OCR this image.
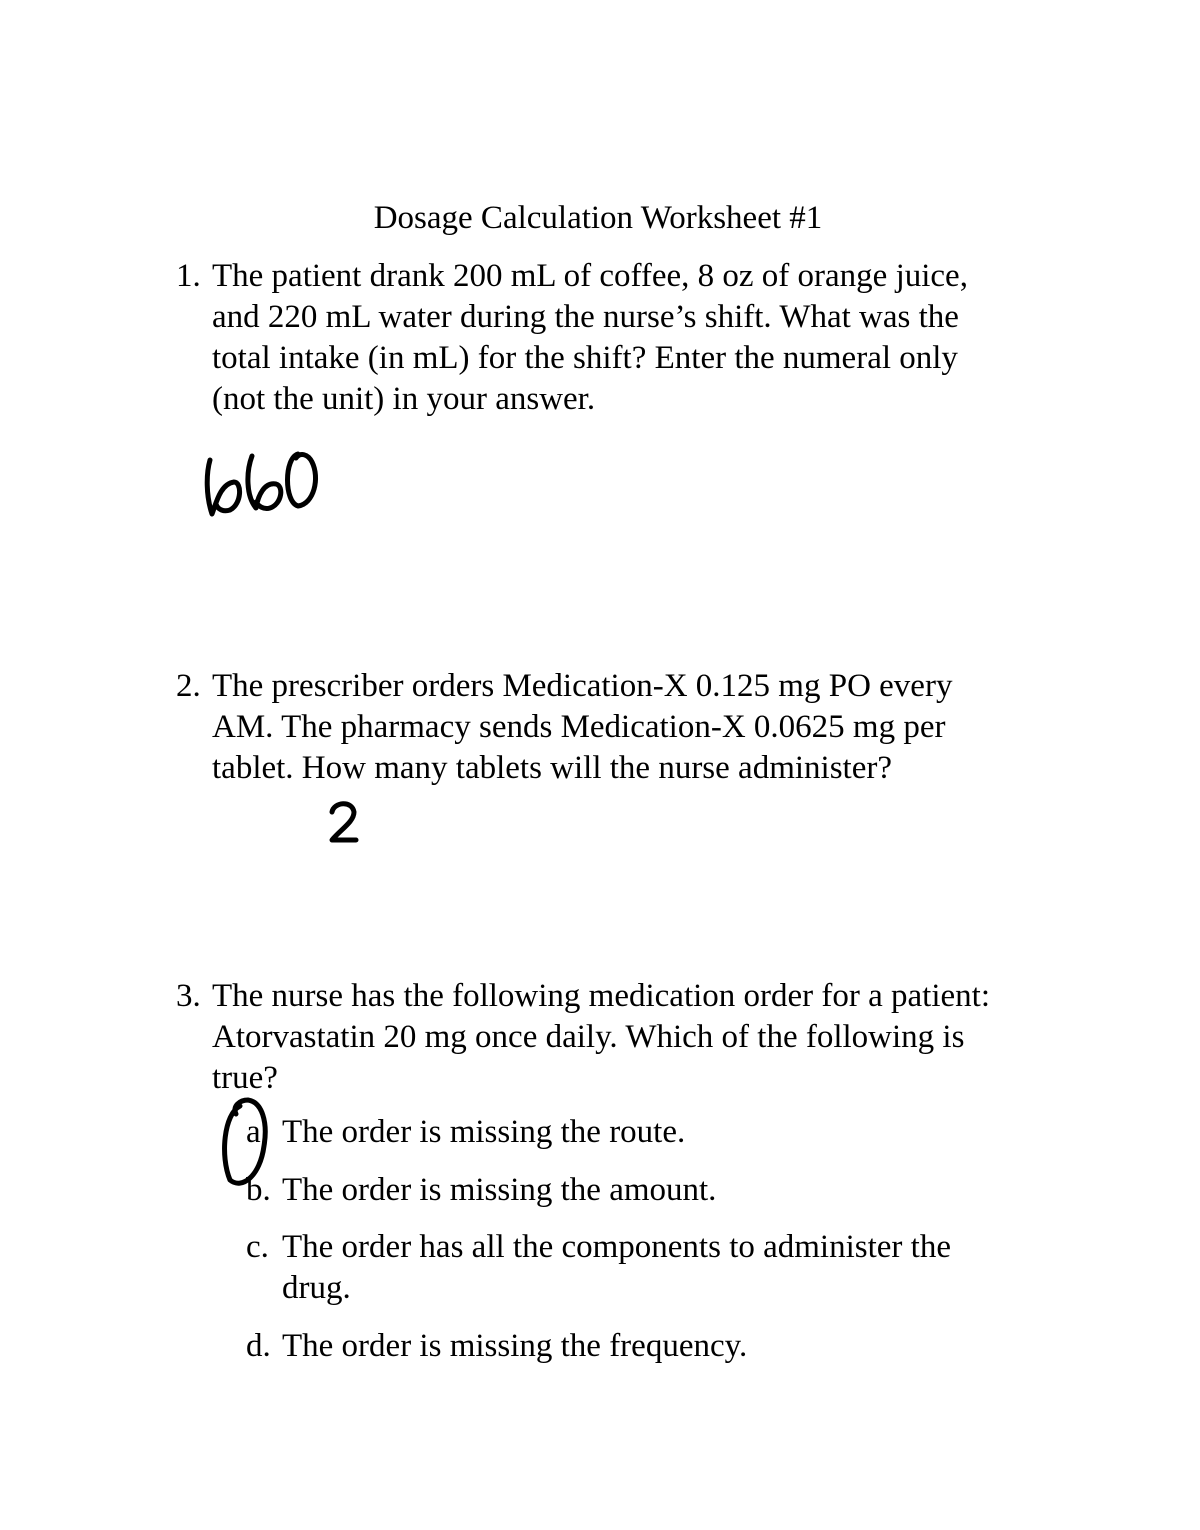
Dosage Calculation Worksheet #1
1. The patient drank 200 mL of coffee, 8 oz of orange juice,
and 220 mL water during the nurse’s shift. What was the
total intake (in mL) for the shift? Enter the numeral only
(not the unit) in your answer.
2. The prescriber orders Medication-X 0.125 mg PO every
AM. The pharmacy sends Medication-X 0.0625 mg per
tablet. How many tablets will the nurse administer?
3. The nurse has the following medication order for a patient:
Atorvastatin 20 mg once daily. Which of the following is
true?
a. The order is missing the route.
b. The order is missing the amount.
c. The order has all the components to administer the
drug.
d. The order is missing the frequency.
